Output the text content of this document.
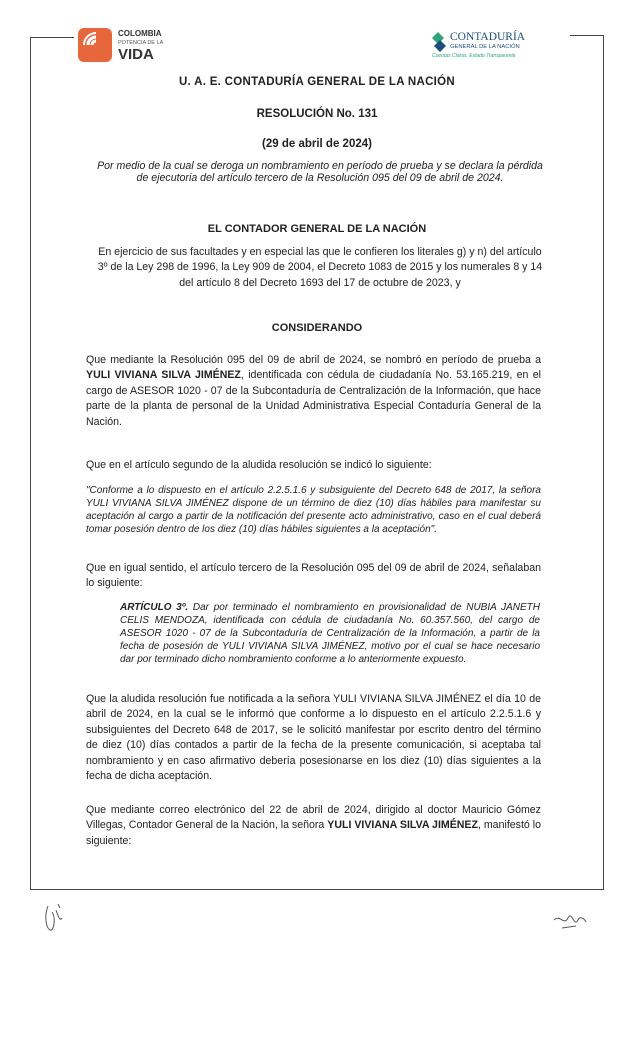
COLOMBIA
POTENCIA DE LA
VIDA
CONTADURÍA
GENERAL DE LA NACIÓN
Cuentas Claras, Estado Transparente
U. A. E. CONTADURÍA GENERAL DE LA NACIÓN
RESOLUCIÓN No. 131
(29 de abril de 2024)
Por medio de la cual se deroga un nombramiento en período de prueba y se declara la pérdida de ejecutoria del artículo tercero de la Resolución 095 del 09 de abril de 2024.
EL CONTADOR GENERAL DE LA NACIÓN
En ejercicio de sus facultades y en especial las que le confieren los literales g) y n) del artículo 3º de la Ley 298 de 1996, la Ley 909 de 2004, el Decreto 1083 de 2015 y los numerales 8 y 14 del artículo 8 del Decreto 1693 del 17 de octubre de 2023, y
CONSIDERANDO
Que mediante la Resolución 095 del 09 de abril de 2024, se nombró en período de prueba a YULI VIVIANA SILVA JIMÉNEZ, identificada con cédula de ciudadanía No. 53.165.219, en el cargo de ASESOR 1020 - 07 de la Subcontaduría de Centralización de la Información, que hace parte de la planta de personal de la Unidad Administrativa Especial Contaduría General de la Nación.
Que en el artículo segundo de la aludida resolución se indicó lo siguiente:
"Conforme a lo dispuesto en el artículo 2.2.5.1.6 y subsiguiente del Decreto 648 de 2017, la señora YULI VIVIANA SILVA JIMÉNEZ dispone de un término de diez (10) días hábiles para manifestar su aceptación al cargo a partir de la notificación del presente acto administrativo, caso en el cual deberá tomar posesión dentro de los diez (10) días hábiles siguientes a la aceptación".
Que en igual sentido, el artículo tercero de la Resolución 095 del 09 de abril de 2024, señalaban lo siguiente:
ARTÍCULO 3º. Dar por terminado el nombramiento en provisionalidad de NUBIA JANETH CELIS MENDOZA, identificada con cédula de ciudadanía No. 60.357.560, del cargo de ASESOR 1020 - 07 de la Subcontaduría de Centralización de la Información, a partir de la fecha de posesión de YULI VIVIANA SILVA JIMÉNEZ, motivo por el cual se hace necesario dar por terminado dicho nombramiento conforme a lo anteriormente expuesto.
Que la aludida resolución fue notificada a la señora YULI VIVIANA SILVA JIMÉNEZ el día 10 de abril de 2024, en la cual se le informó que conforme a lo dispuesto en el artículo 2.2.5.1.6 y subsiguientes del Decreto 648 de 2017, se le solicitó manifestar por escrito dentro del término de diez (10) días contados a partir de la fecha de la presente comunicación, si aceptaba tal nombramiento y en caso afirmativo debería posesionarse en los diez (10) días siguientes a la fecha de dicha aceptación.
Que mediante correo electrónico del 22 de abril de 2024, dirigido al doctor Mauricio Gómez Villegas, Contador General de la Nación, la señora YULI VIVIANA SILVA JIMÉNEZ, manifestó lo siguiente:
